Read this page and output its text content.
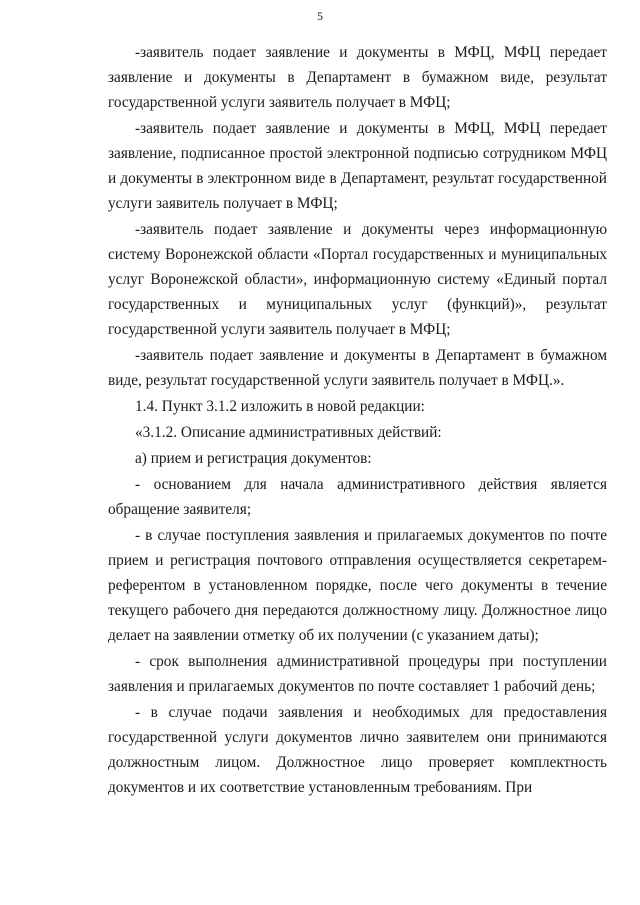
5

-заявитель подает заявление и документы в МФЦ, МФЦ передает заявление и документы в Департамент в бумажном виде, результат государственной услуги заявитель получает в МФЦ;

-заявитель подает заявление и документы в МФЦ, МФЦ передает заявление, подписанное простой электронной подписью сотрудником МФЦ и документы в электронном виде в Департамент, результат государственной услуги заявитель получает в МФЦ;

-заявитель подает заявление и документы через информационную систему Воронежской области «Портал государственных и муниципальных услуг Воронежской области», информационную систему «Единый портал государственных и муниципальных услуг (функций)», результат государственной услуги заявитель получает в МФЦ;

-заявитель подает заявление и документы в Департамент в бумажном виде, результат государственной услуги заявитель получает в МФЦ.».

1.4. Пункт 3.1.2 изложить в новой редакции:

«3.1.2. Описание административных действий:

а) прием и регистрация документов:

- основанием для начала административного действия является обращение заявителя;

- в случае поступления заявления и прилагаемых документов по почте прием и регистрация почтового отправления осуществляется секретарем-референтом в установленном порядке, после чего документы в течение текущего рабочего дня передаются должностному лицу. Должностное лицо делает на заявлении отметку об их получении (с указанием даты);

- срок выполнения административной процедуры при поступлении заявления и прилагаемых документов по почте составляет 1 рабочий день;

- в случае подачи заявления и необходимых для предоставления государственной услуги документов лично заявителем они принимаются должностным лицом. Должностное лицо проверяет комплектность документов и их соответствие установленным требованиям. При
